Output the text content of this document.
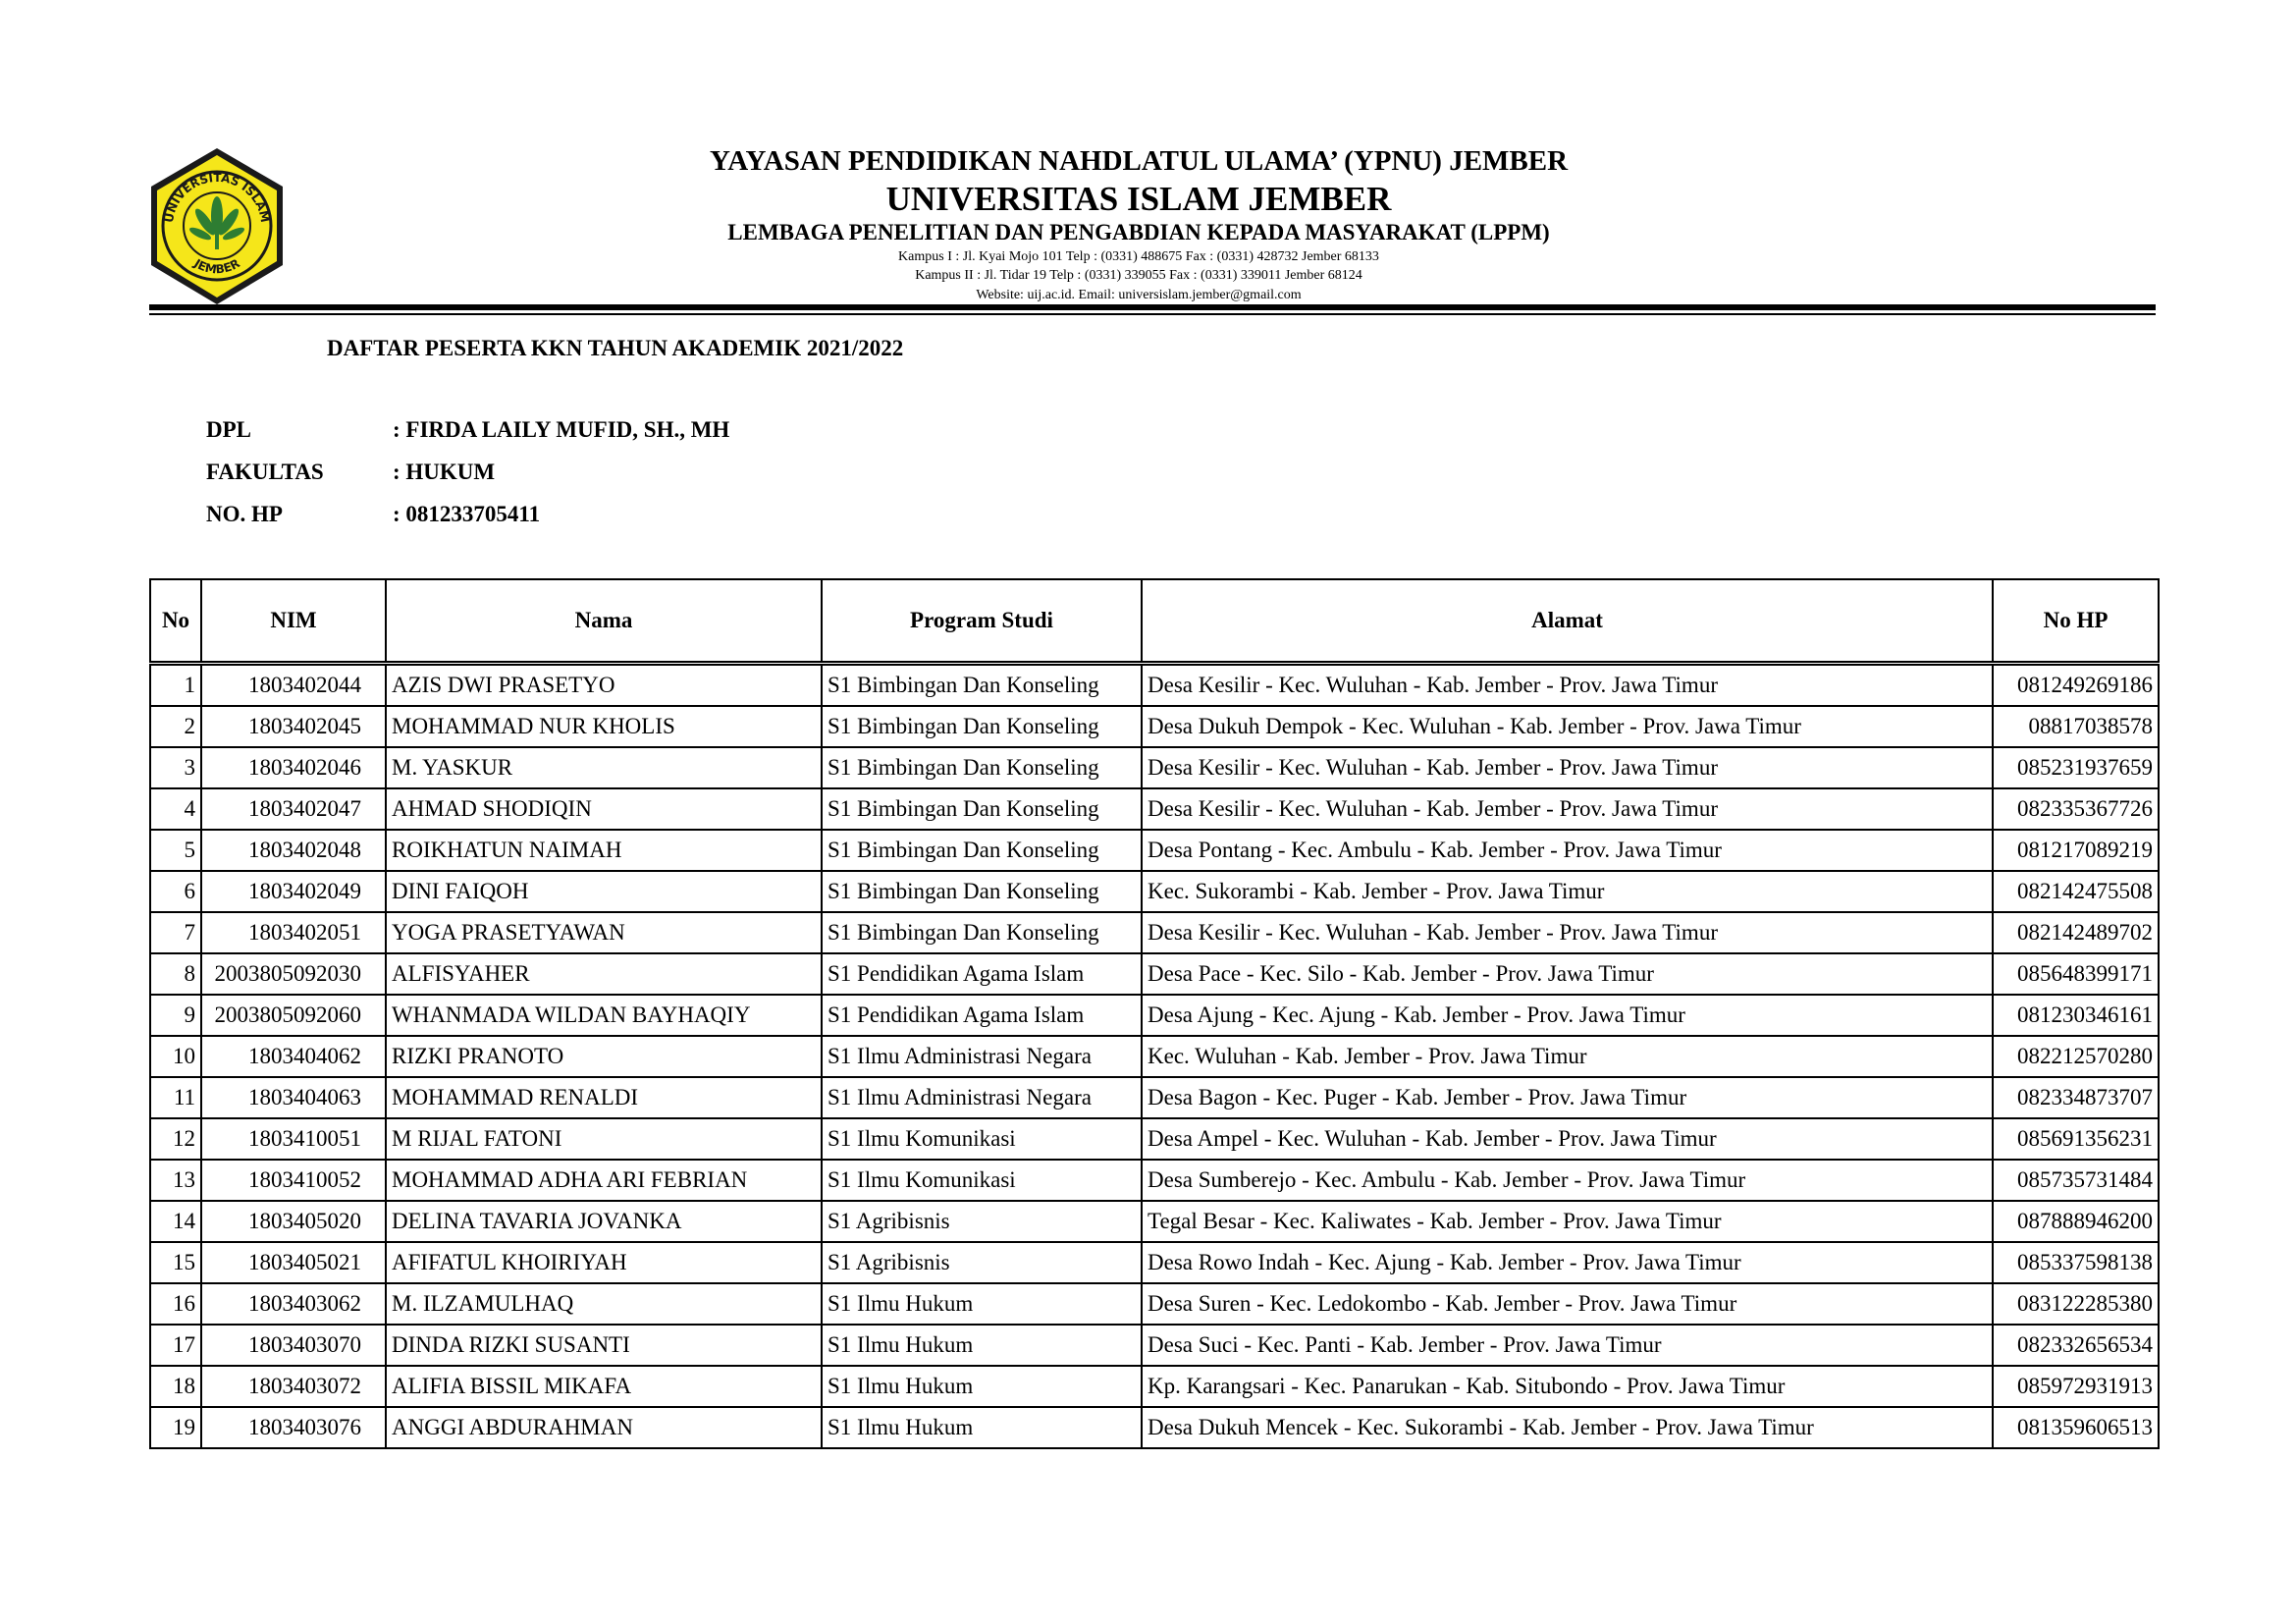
UNIVERSITAS ISLAM
JEMBER
YAYASAN PENDIDIKAN NAHDLATUL ULAMA’ (YPNU) JEMBER
UNIVERSITAS ISLAM JEMBER
LEMBAGA PENELITIAN DAN PENGABDIAN KEPADA MASYARAKAT (LPPM)
Kampus I : Jl. Kyai Mojo 101 Telp : (0331) 488675 Fax : (0331) 428732 Jember 68133
Kampus II : Jl. Tidar 19 Telp : (0331) 339055 Fax : (0331) 339011 Jember 68124
Website: uij.ac.id. Email: universislam.jember@gmail.com
DAFTAR PESERTA KKN TAHUN AKADEMIK 2021/2022
DPL	: FIRDA LAILY MUFID, SH., MH
FAKULTAS	: HUKUM
NO. HP	: 081233705411
No	NIM	Nama	Program Studi	Alamat	No HP
1	1803402044	AZIS DWI PRASETYO	S1 Bimbingan Dan Konseling	Desa Kesilir - Kec. Wuluhan - Kab. Jember - Prov. Jawa Timur	081249269186
2	1803402045	MOHAMMAD NUR KHOLIS	S1 Bimbingan Dan Konseling	Desa Dukuh Dempok - Kec. Wuluhan - Kab. Jember - Prov. Jawa Timur	08817038578
3	1803402046	M. YASKUR	S1 Bimbingan Dan Konseling	Desa Kesilir - Kec. Wuluhan - Kab. Jember - Prov. Jawa Timur	085231937659
4	1803402047	AHMAD SHODIQIN	S1 Bimbingan Dan Konseling	Desa Kesilir - Kec. Wuluhan - Kab. Jember - Prov. Jawa Timur	082335367726
5	1803402048	ROIKHATUN NAIMAH	S1 Bimbingan Dan Konseling	Desa Pontang - Kec. Ambulu - Kab. Jember - Prov. Jawa Timur	081217089219
6	1803402049	DINI FAIQOH	S1 Bimbingan Dan Konseling	Kec. Sukorambi - Kab. Jember - Prov. Jawa Timur	082142475508
7	1803402051	YOGA PRASETYAWAN	S1 Bimbingan Dan Konseling	Desa Kesilir - Kec. Wuluhan - Kab. Jember - Prov. Jawa Timur	082142489702
8	2003805092030	ALFISYAHER	S1 Pendidikan Agama Islam	Desa Pace - Kec. Silo - Kab. Jember - Prov. Jawa Timur	085648399171
9	2003805092060	WHANMADA WILDAN BAYHAQIY	S1 Pendidikan Agama Islam	Desa Ajung - Kec. Ajung - Kab. Jember - Prov. Jawa Timur	081230346161
10	1803404062	RIZKI PRANOTO	S1 Ilmu Administrasi Negara	Kec. Wuluhan - Kab. Jember - Prov. Jawa Timur	082212570280
11	1803404063	MOHAMMAD RENALDI	S1 Ilmu Administrasi Negara	Desa Bagon - Kec. Puger - Kab. Jember - Prov. Jawa Timur	082334873707
12	1803410051	M RIJAL FATONI	S1 Ilmu Komunikasi	Desa Ampel - Kec. Wuluhan - Kab. Jember - Prov. Jawa Timur	085691356231
13	1803410052	MOHAMMAD ADHA ARI FEBRIAN	S1 Ilmu Komunikasi	Desa Sumberejo - Kec. Ambulu - Kab. Jember - Prov. Jawa Timur	085735731484
14	1803405020	DELINA TAVARIA JOVANKA	S1 Agribisnis	Tegal Besar - Kec. Kaliwates - Kab. Jember - Prov. Jawa Timur	087888946200
15	1803405021	AFIFATUL KHOIRIYAH	S1 Agribisnis	Desa Rowo Indah - Kec. Ajung - Kab. Jember - Prov. Jawa Timur	085337598138
16	1803403062	M. ILZAMULHAQ	S1 Ilmu Hukum	Desa Suren - Kec. Ledokombo - Kab. Jember - Prov. Jawa Timur	083122285380
17	1803403070	DINDA RIZKI SUSANTI	S1 Ilmu Hukum	Desa Suci - Kec. Panti - Kab. Jember - Prov. Jawa Timur	082332656534
18	1803403072	ALIFIA BISSIL MIKAFA	S1 Ilmu Hukum	Kp. Karangsari - Kec. Panarukan - Kab. Situbondo - Prov. Jawa Timur	085972931913
19	1803403076	ANGGI ABDURAHMAN	S1 Ilmu Hukum	Desa Dukuh Mencek - Kec. Sukorambi - Kab. Jember - Prov. Jawa Timur	081359606513
